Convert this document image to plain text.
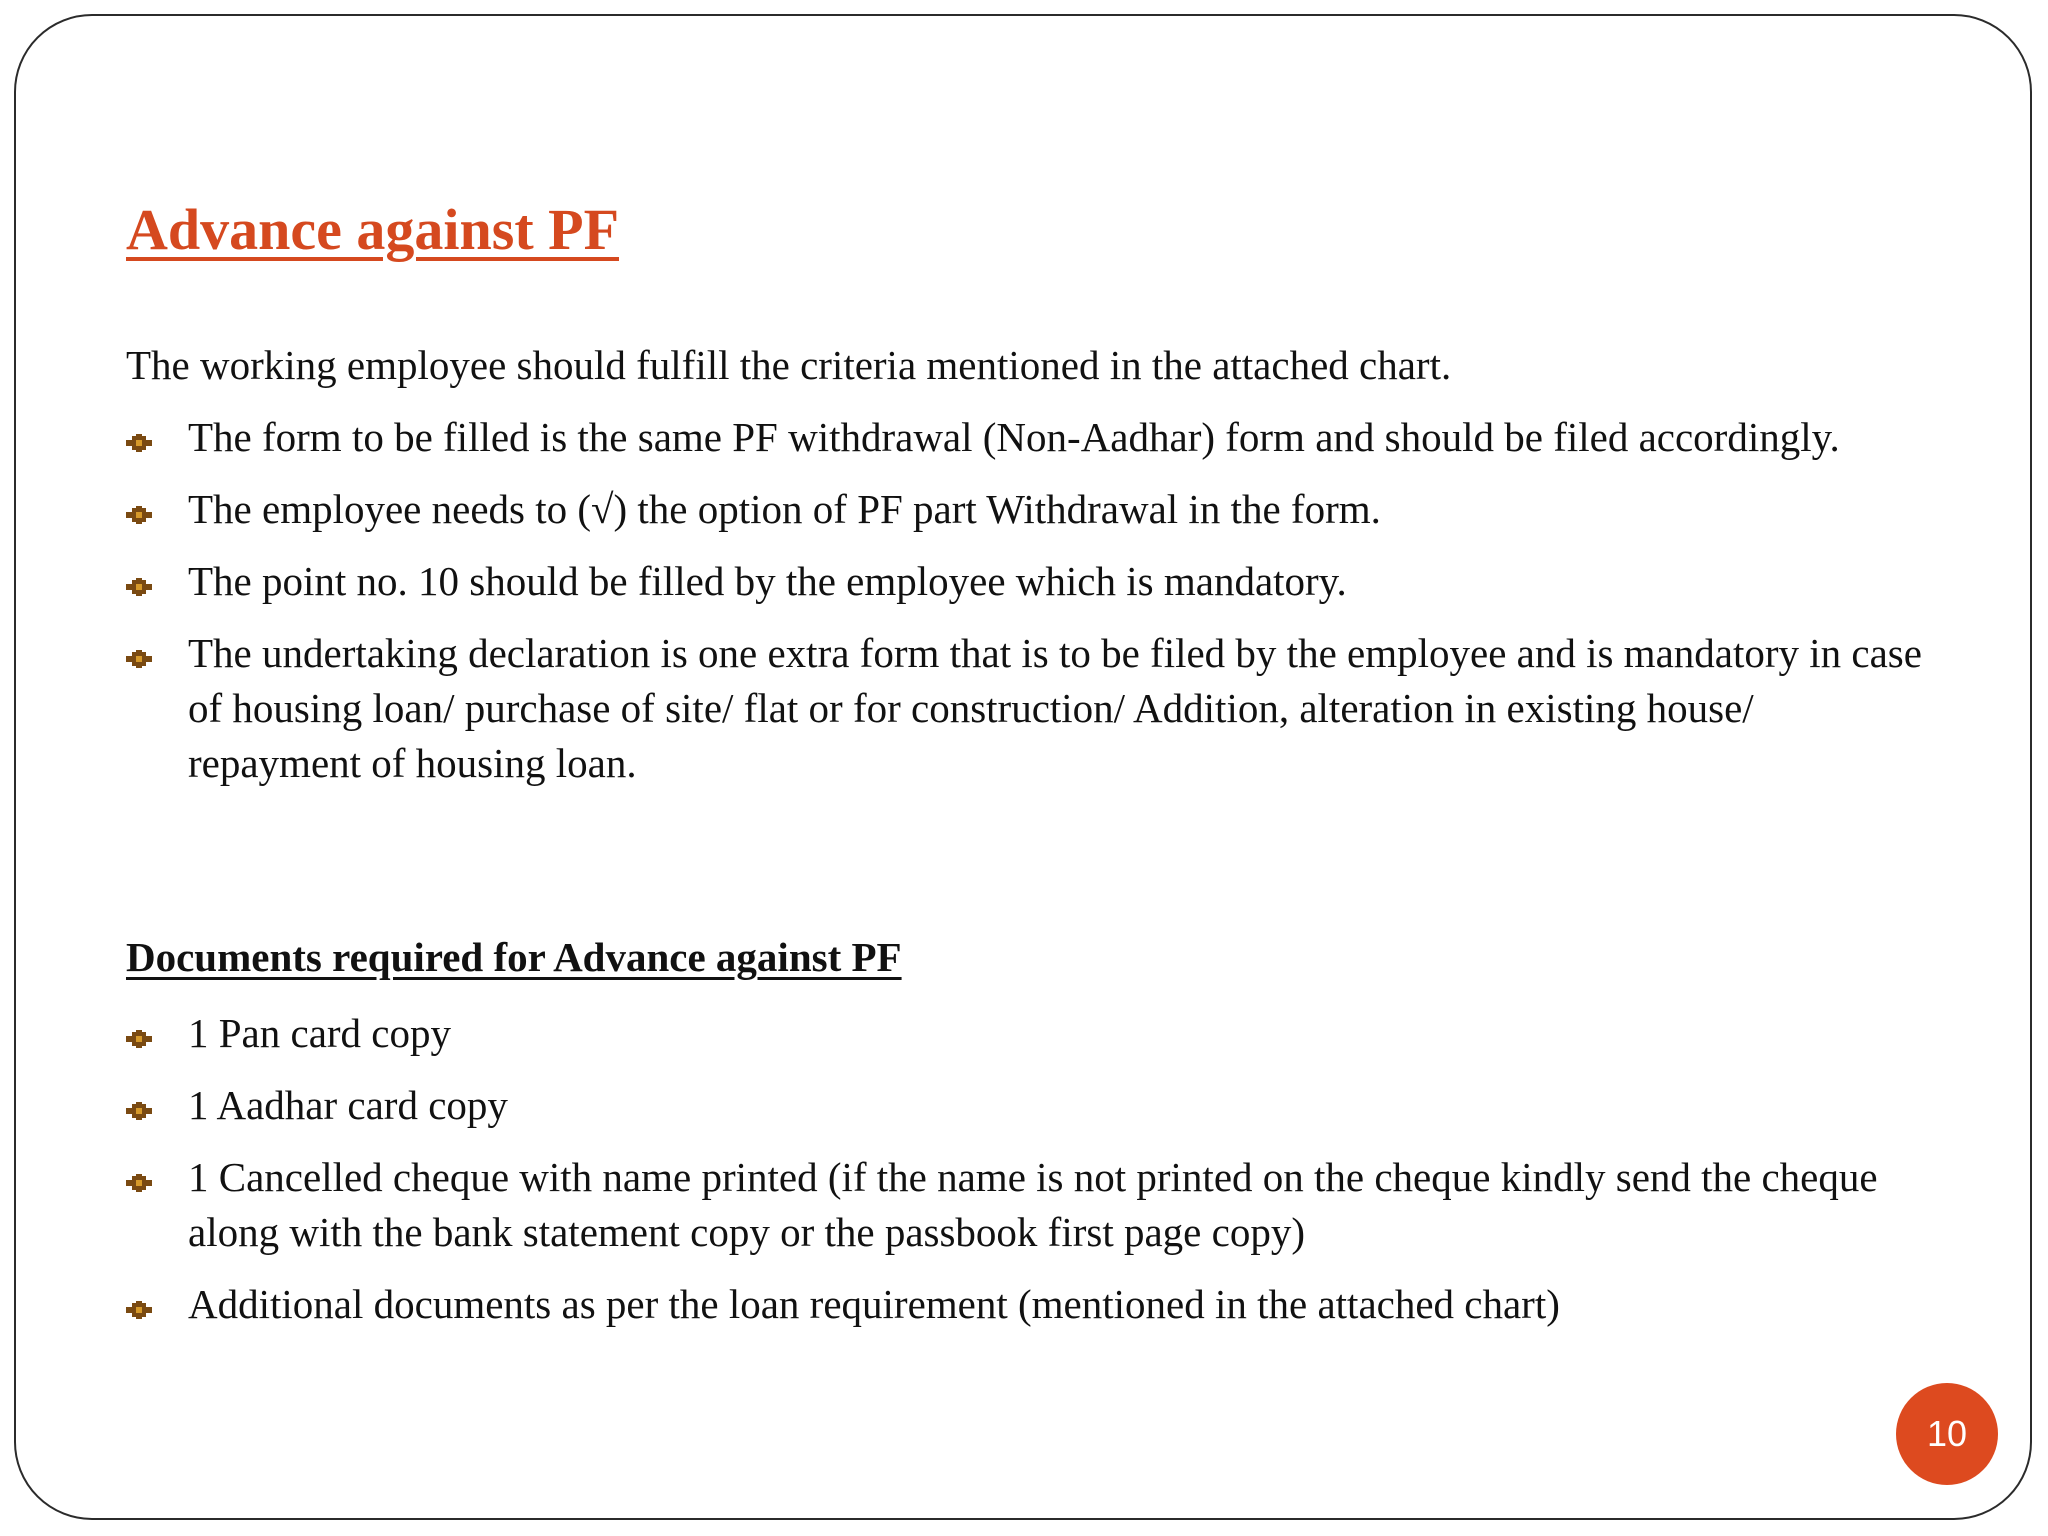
Advance against PF
The working employee should fulfill the criteria mentioned in the attached chart.
The form to be filled is the same PF withdrawal (Non-Aadhar) form and should be filed accordingly.
The employee needs to (√) the option of PF part Withdrawal in the form.
The point no. 10 should be filled by the employee which is mandatory.
The undertaking declaration is one extra form that is to be filed by the employee and is mandatory in case of housing loan/ purchase of site/ flat or for construction/ Addition, alteration in existing house/ repayment of housing loan.
Documents required for Advance against PF
1 Pan card copy
1 Aadhar card copy
1 Cancelled cheque with name printed (if the name is not printed on the cheque kindly send the cheque along with the bank statement copy or the passbook first page copy)
Additional documents as per the loan requirement (mentioned in the attached chart)
10
